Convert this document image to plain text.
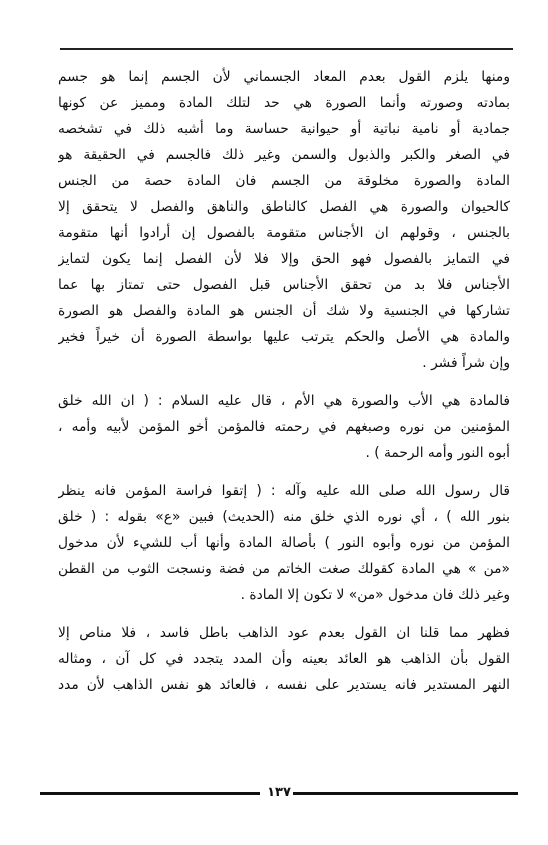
ومنها يلزم القول بعدم المعاد الجسماني لأن الجسم إنما هو جسم
بمادته وصورته وأنما الصورة هي حد لتلك المادة ومميز عن كونها
جمادية أو نامية نباتية أو حيوانية حساسة وما أشبه ذلك في تشخصه
في الصغر والكبر والذبول والسمن وغير ذلك فالجسم في الحقيقة هو
المادة والصورة مخلوقة من الجسم فان المادة حصة من الجنس
كالحيوان والصورة هي الفصل كالناطق والناهق والفصل لا يتحقق إلا
بالجنس ، وقولهم ان الأجناس متقومة بالفصول إن أرادوا أنها متقومة
في التمايز بالفصول فهو الحق وإلا فلا لأن الفصل إنما يكون لتمايز
الأجناس فلا بد من تحقق الأجناس قبل الفصول حتى تمتاز بها عما
تشاركها في الجنسية ولا شك أن الجنس هو المادة والفصل هو الصورة
والمادة هي الأصل والحكم يترتب عليها بواسطة الصورة أن خيراً فخير
وإن شراً فشر .
فالمادة هي الأب والصورة هي الأم ، قال عليه السلام : ( ان الله خلق
المؤمنين من نوره وصبغهم في رحمته فالمؤمن أخو المؤمن لأبيه وأمه ،
أبوه النور وأمه الرحمة ) .
قال رسول الله صلى الله عليه وآله : ( إتقوا فراسة المؤمن فانه ينظر
بنور الله ) ، أي نوره الذي خلق منه (الحديث) فبين «ع» بقوله : ( خلق
المؤمن من نوره وأبوه النور ) بأصالة المادة وأنها أب للشيء لأن مدخول
«من » هي المادة كقولك صغت الخاتم من فضة ونسجت الثوب من القطن
وغير ذلك فان مدخول «من» لا تكون إلا المادة .
فظهر مما قلنا ان القول بعدم عود الذاهب باطل فاسد ، فلا مناص إلا
القول بأن الذاهب هو العائد بعينه وأن المدد يتجدد في كل آن ، ومثاله
النهر المستدير فانه يستدير على نفسه ، فالعائد هو نفس الذاهب لأن مدد
١٣٧
